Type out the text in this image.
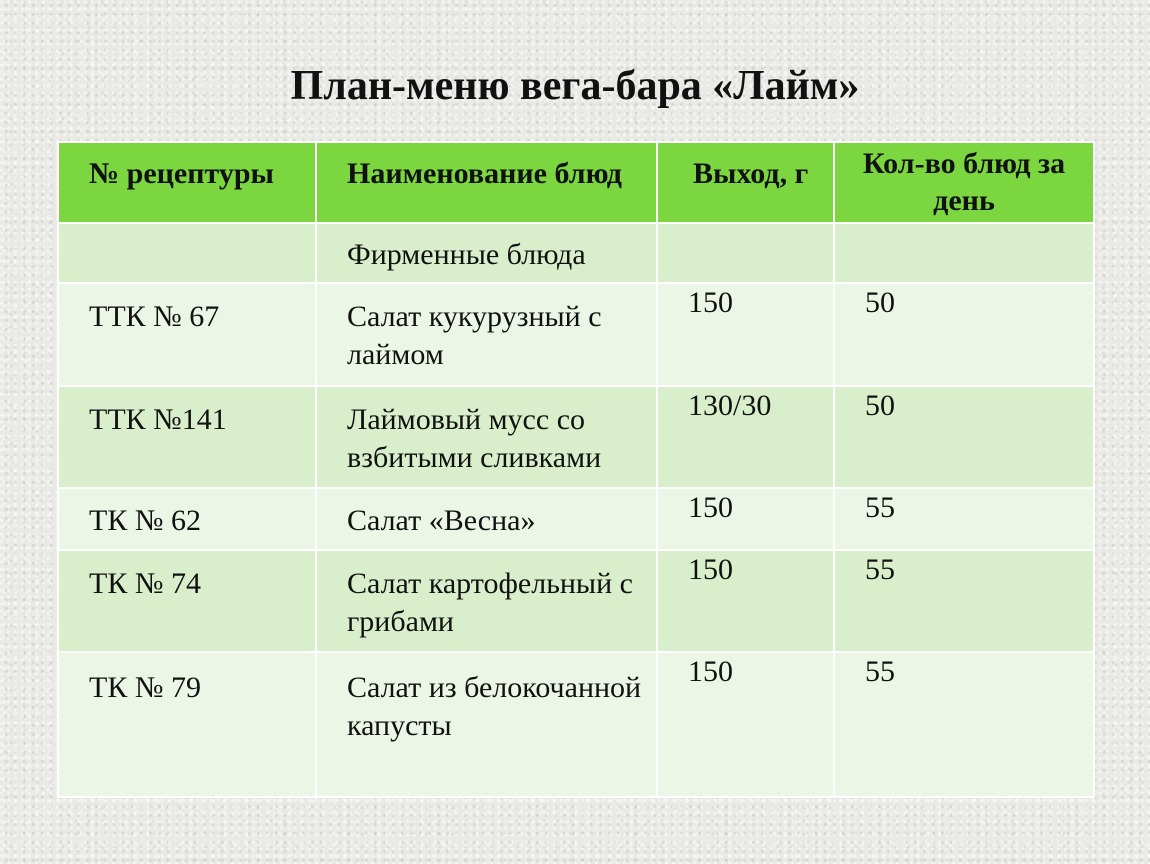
План-меню вега-бара «Лайм»
№ рецептуры	Наименование блюд	Выход, г	Кол-во блюд за день
	Фирменные блюда		
ТТК № 67	Салат кукурузный с лаймом	150	50
ТТК №141	Лаймовый мусс со взбитыми сливками	130/30	50
ТК № 62	Салат «Весна»	150	55
ТК № 74	Салат картофельный с грибами	150	55
ТК № 79	Салат из белокочанной капусты	150	55
